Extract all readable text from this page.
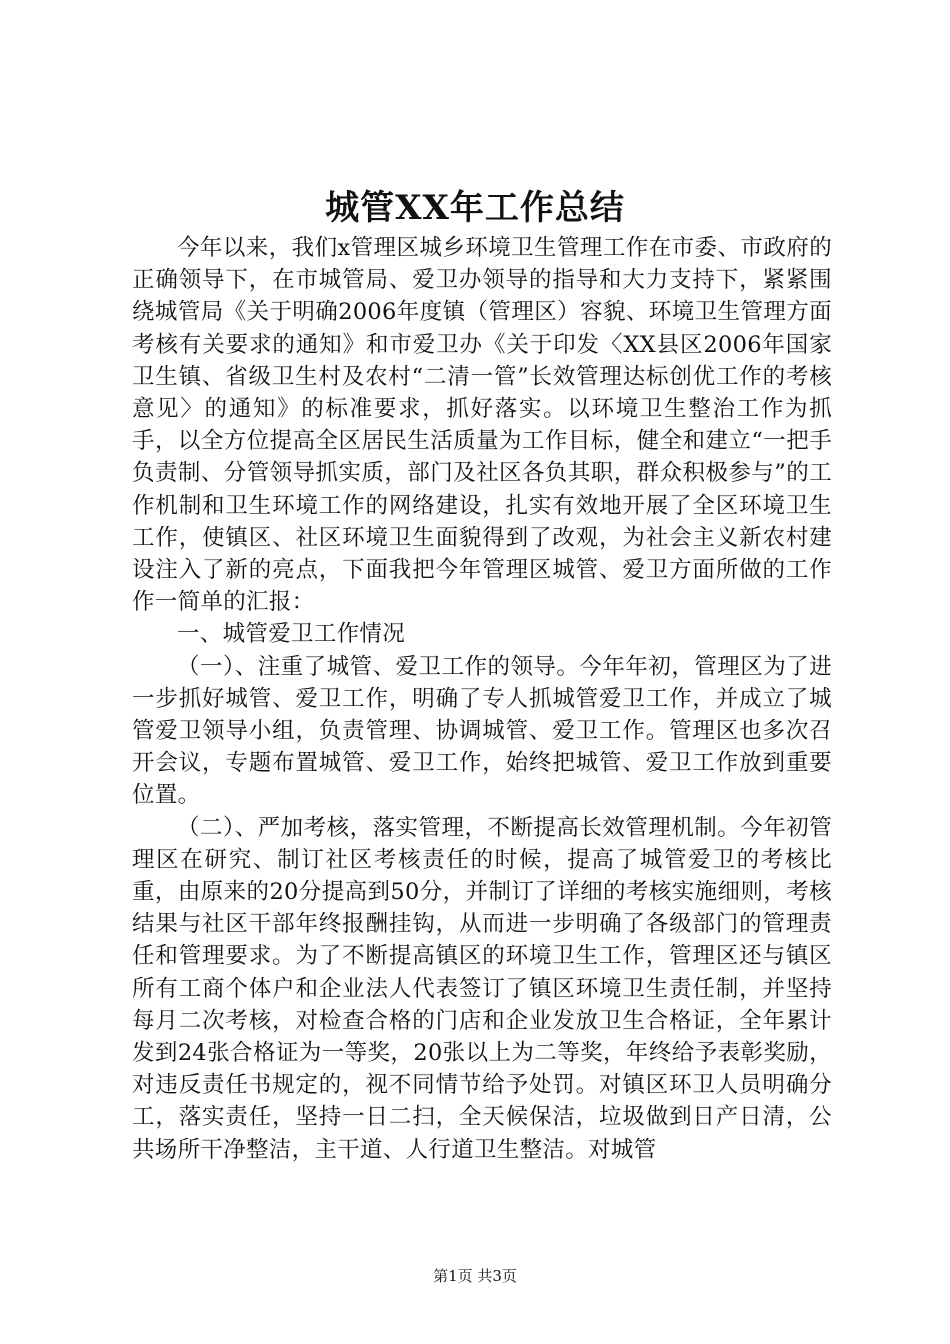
城管XX年工作总结

今年以来，我们x管理区城乡环境卫生管理工作在市委、市政府的正确领导下，在市城管局、爱卫办领导的指导和大力支持下，紧紧围绕城管局《关于明确2006年度镇（管理区）容貌、环境卫生管理方面考核有关要求的通知》和市爱卫办《关于印发〈XX县区2006年国家卫生镇、省级卫生村及农村“二清一管”长效管理达标创优工作的考核意见〉的通知》的标准要求，抓好落实。以环境卫生整治工作为抓手，以全方位提高全区居民生活质量为工作目标，健全和建立“一把手负责制、分管领导抓实质，部门及社区各负其职，群众积极参与”的工作机制和卫生环境工作的网络建设，扎实有效地开展了全区环境卫生工作，使镇区、社区环境卫生面貌得到了改观，为社会主义新农村建设注入了新的亮点，下面我把今年管理区城管、爱卫方面所做的工作作一简单的汇报：

一、城管爱卫工作情况

（一）、注重了城管、爱卫工作的领导。今年年初，管理区为了进一步抓好城管、爱卫工作，明确了专人抓城管爱卫工作，并成立了城管爱卫领导小组，负责管理、协调城管、爱卫工作。管理区也多次召开会议，专题布置城管、爱卫工作，始终把城管、爱卫工作放到重要位置。

（二）、严加考核，落实管理，不断提高长效管理机制。今年初管理区在研究、制订社区考核责任的时候，提高了城管爱卫的考核比重，由原来的20分提高到50分，并制订了详细的考核实施细则，考核结果与社区干部年终报酬挂钩，从而进一步明确了各级部门的管理责任和管理要求。为了不断提高镇区的环境卫生工作，管理区还与镇区所有工商个体户和企业法人代表签订了镇区环境卫生责任制，并坚持每月二次考核，对检查合格的门店和企业发放卫生合格证，全年累计发到24张合格证为一等奖，20张以上为二等奖，年终给予表彰奖励，对违反责任书规定的，视不同情节给予处罚。对镇区环卫人员明确分工，落实责任，坚持一日二扫，全天候保洁，垃圾做到日产日清，公共场所干净整洁，主干道、人行道卫生整洁。对城管

第1页 共3页
